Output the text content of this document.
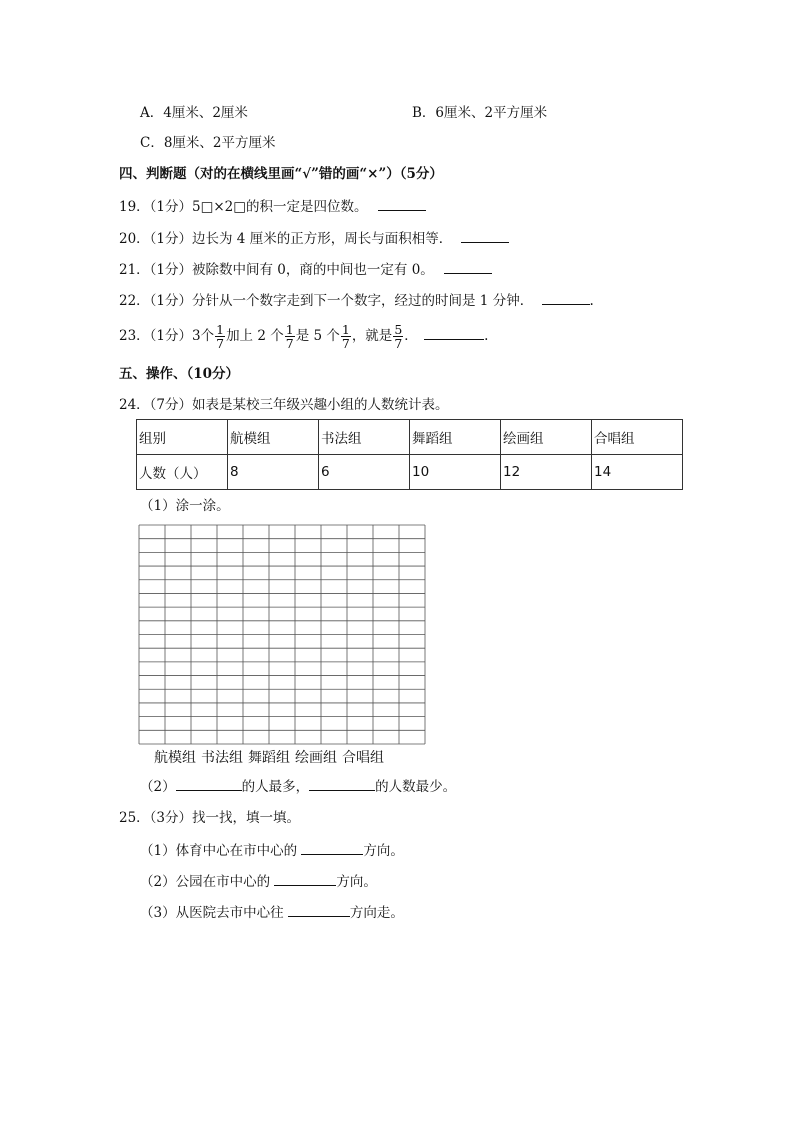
A．4厘米、2厘米	B．6厘米、2平方厘米
C．8厘米、2平方厘米
四、判断题（对的在横线里画“√”错的画“×”）（5分）
19．（1分）5□×2□的积一定是四位数。
20．（1分）边长为 4 厘米的正方形，周长与面积相等．
21．（1分）被除数中间有 0，商的中间也一定有 0。
22．（1分）分针从一个数字走到下一个数字，经过的时间是 1 分钟．	.
23．（1分）3个 $\frac{1}{7}$ 加上 2 个 $\frac{1}{7}$ 是 5 个 $\frac{1}{7}$ ，就是 $\frac{5}{7}$ ．	.
五、操作、（10分）
24．（7分）如表是某校三年级兴趣小组的人数统计表。
组别	航模组	书法组	舞蹈组	绘画组	合唱组
人数（人）	8	6	10	12	14
（1）涂一涂。
航模组 书法组 舞蹈组 绘画组 合唱组
（2）	的人最多，	的人数最少。
25．（3分）找一找，填一填。
（1）体育中心在市中心的	方向。
（2）公园在市中心的	方向。
（3）从医院去市中心往	方向走。
